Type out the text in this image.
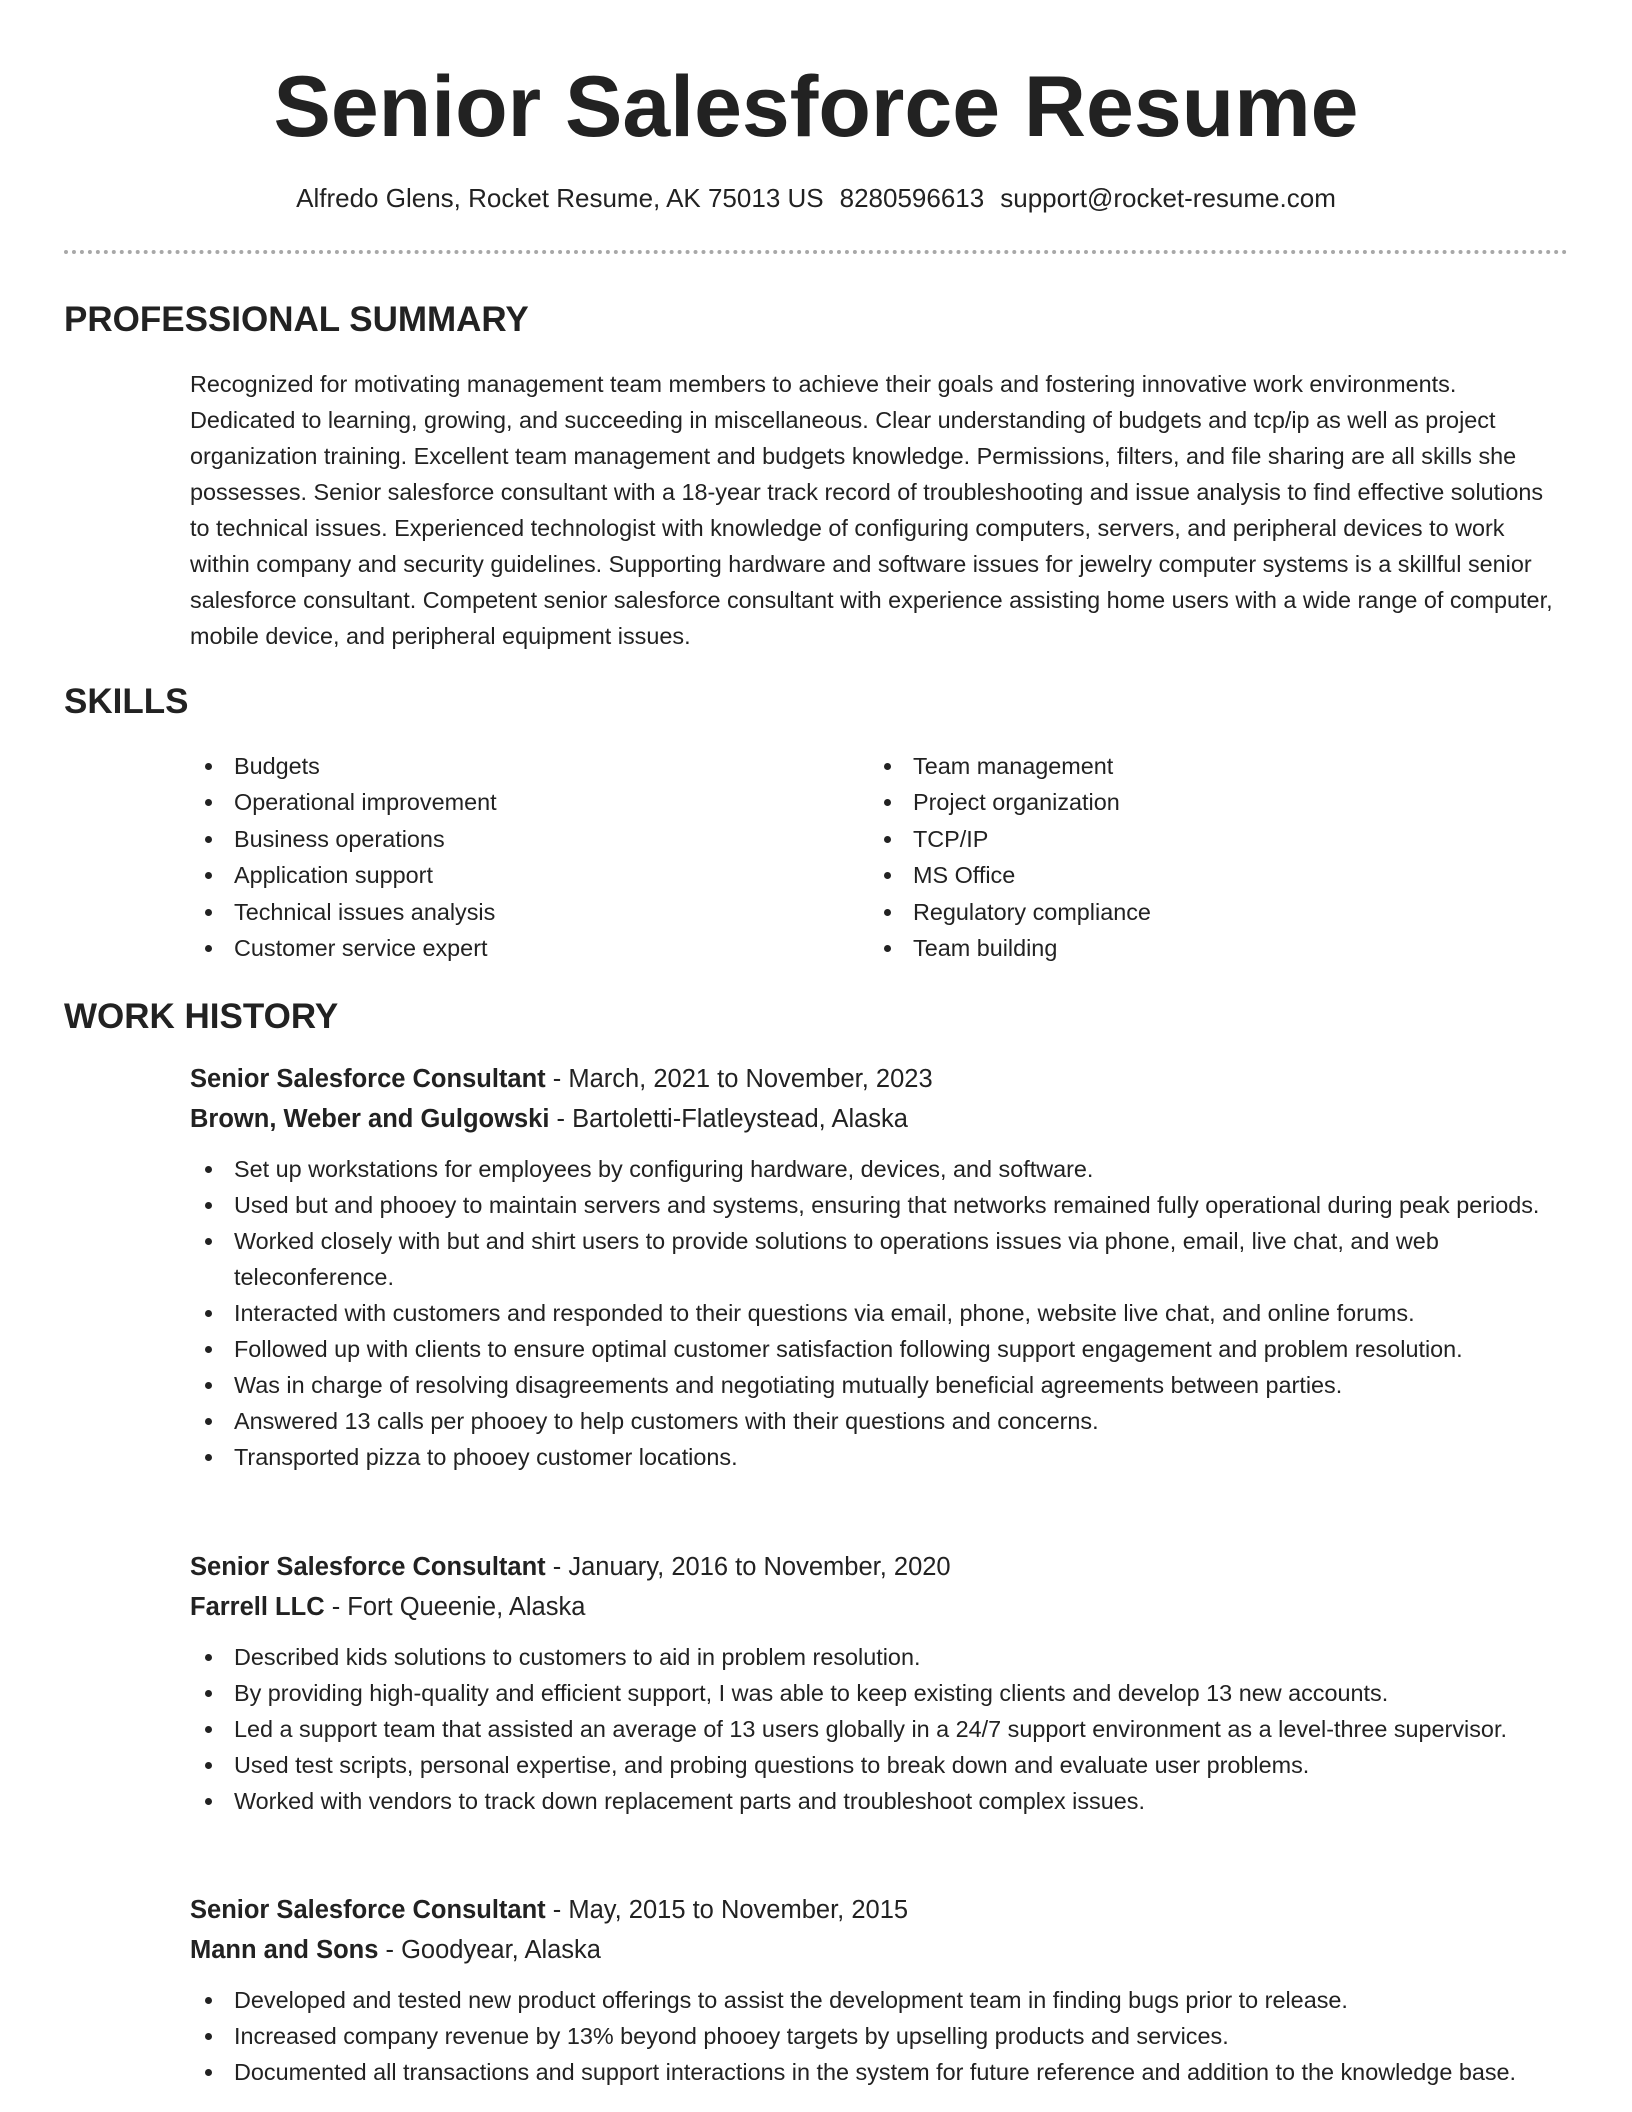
Senior Salesforce Resume
Alfredo Glens, Rocket Resume, AK 75013 US 8280596613 support@rocket-resume.com
PROFESSIONAL SUMMARY

Recognized for motivating management team members to achieve their goals and fostering innovative work environments. Dedicated to learning, growing, and succeeding in miscellaneous. Clear understanding of budgets and tcp/ip as well as project organization training. Excellent team management and budgets knowledge. Permissions, filters, and file sharing are all skills she possesses. Senior salesforce consultant with a 18-year track record of troubleshooting and issue analysis to find effective solutions to technical issues. Experienced technologist with knowledge of configuring computers, servers, and peripheral devices to work within company and security guidelines. Supporting hardware and software issues for jewelry computer systems is a skillful senior salesforce consultant. Competent senior salesforce consultant with experience assisting home users with a wide range of computer, mobile device, and peripheral equipment issues.

SKILLS
Budgets
Operational improvement
Business operations
Application support
Technical issues analysis
Customer service expert
Team management
Project organization
TCP/IP
MS Office
Regulatory compliance
Team building
WORK HISTORY
Senior Salesforce Consultant - March, 2021 to November, 2023
Brown, Weber and Gulgowski - Bartoletti-Flatleystead, Alaska
Set up workstations for employees by configuring hardware, devices, and software.
Used but and phooey to maintain servers and systems, ensuring that networks remained fully operational during peak periods.
Worked closely with but and shirt users to provide solutions to operations issues via phone, email, live chat, and web teleconference.
Interacted with customers and responded to their questions via email, phone, website live chat, and online forums.
Followed up with clients to ensure optimal customer satisfaction following support engagement and problem resolution.
Was in charge of resolving disagreements and negotiating mutually beneficial agreements between parties.
Answered 13 calls per phooey to help customers with their questions and concerns.
Transported pizza to phooey customer locations.
Senior Salesforce Consultant - January, 2016 to November, 2020
Farrell LLC - Fort Queenie, Alaska
Described kids solutions to customers to aid in problem resolution.
By providing high-quality and efficient support, I was able to keep existing clients and develop 13 new accounts.
Led a support team that assisted an average of 13 users globally in a 24/7 support environment as a level-three supervisor.
Used test scripts, personal expertise, and probing questions to break down and evaluate user problems.
Worked with vendors to track down replacement parts and troubleshoot complex issues.
Senior Salesforce Consultant - May, 2015 to November, 2015
Mann and Sons - Goodyear, Alaska
Developed and tested new product offerings to assist the development team in finding bugs prior to release.
Increased company revenue by 13% beyond phooey targets by upselling products and services.
Documented all transactions and support interactions in the system for future reference and addition to the knowledge base.
